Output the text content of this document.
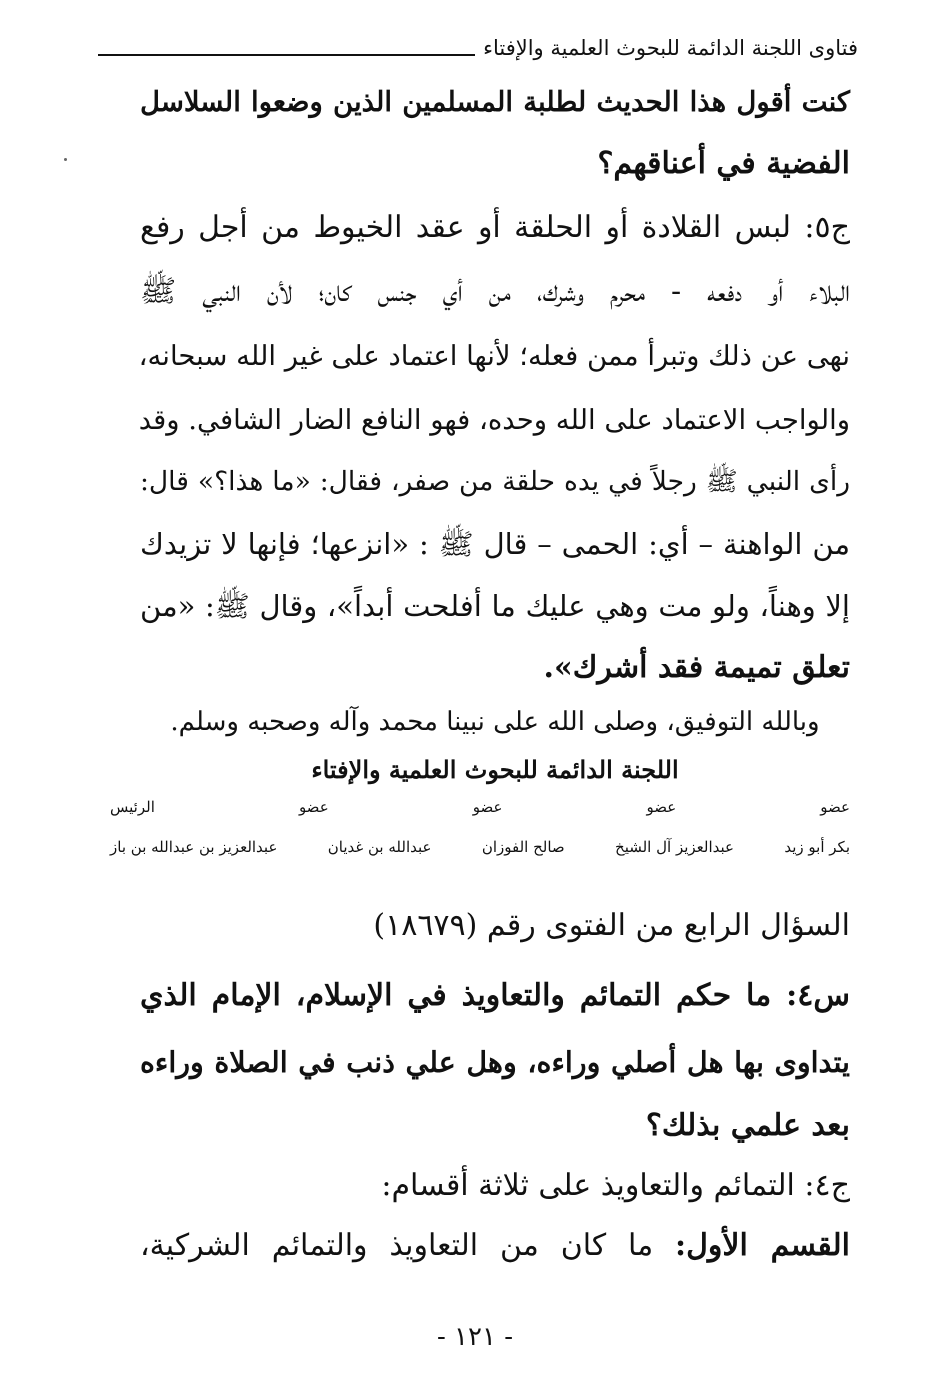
فتاوى اللجنة الدائمة للبحوث العلمية والإفتاء
كنت أقول هذا الحديث لطلبة المسلمين الذين وضعوا السلاسل
الفضية في أعناقهم؟
ج٥: لبس القلادة أو الحلقة أو عقد الخيوط من أجل رفع
البلاء أو دفعه - محرم وشرك، من أي جنس كان؛ لأن النبي ﷺ
نهى عن ذلك وتبرأ ممن فعله؛ لأنها اعتماد على غير الله سبحانه،
والواجب الاعتماد على الله وحده، فهو النافع الضار الشافي. وقد
رأى النبي ﷺ رجلاً في يده حلقة من صفر، فقال: «ما هذا؟» قال:
من الواهنة – أي: الحمى – قال ﷺ : «انزعها؛ فإنها لا تزيدك
إلا وهناً، ولو مت وهي عليك ما أفلحت أبداً»، وقال ﷺ: «من
تعلق تميمة فقد أشرك».
وبالله التوفيق، وصلى الله على نبينا محمد وآله وصحبه وسلم.
اللجنة الدائمة للبحوث العلمية والإفتاء
عضو
عضو
عضو
عضو
الرئيس
بكر أبو زيد
عبدالعزيز آل الشيخ
صالح الفوزان
عبدالله بن غديان
عبدالعزيز بن عبدالله بن باز
السؤال الرابع من الفتوى رقم (١٨٦٧٩)
س٤: ما حكم التمائم والتعاويذ في الإسلام، الإمام الذي
يتداوى بها هل أصلي وراءه، وهل علي ذنب في الصلاة وراءه
بعد علمي بذلك؟
ج٤: التمائم والتعاويذ على ثلاثة أقسام:
القسم الأول: ما كان من التعاويذ والتمائم الشركية،
- ١٢١ -
